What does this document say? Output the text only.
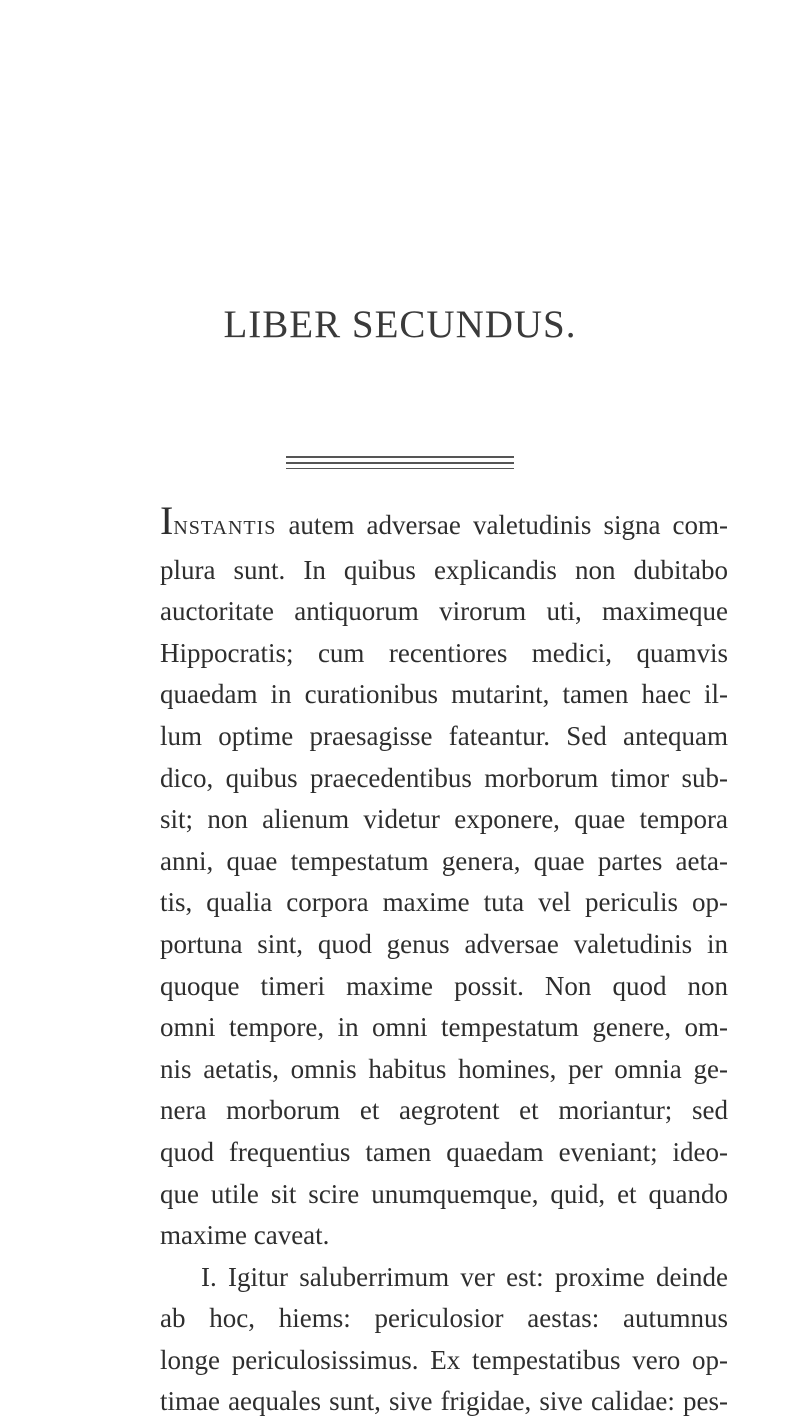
LIBER SECUNDUS.
INSTANTIS autem adversae valetudinis signa com-
plura sunt. In quibus explicandis non dubitabo
auctoritate antiquorum virorum uti, maximeque
Hippocratis; cum recentiores medici, quamvis
quaedam in curationibus mutarint, tamen haec il-
lum optime praesagisse fateantur. Sed antequam
dico, quibus praecedentibus morborum timor sub-
sit; non alienum videtur exponere, quae tempora
anni, quae tempestatum genera, quae partes aeta-
tis, qualia corpora maxime tuta vel periculis op-
portuna sint, quod genus adversae valetudinis in
quoque timeri maxime possit. Non quod non
omni tempore, in omni tempestatum genere, om-
nis aetatis, omnis habitus homines, per omnia ge-
nera morborum et aegrotent et moriantur; sed
quod frequentius tamen quaedam eveniant; ideo-
que utile sit scire unumquemque, quid, et quando
maxime caveat.
I. Igitur saluberrimum ver est: proxime deinde
ab hoc, hiems: periculosior aestas: autumnus
longe periculosissimus. Ex tempestatibus vero op-
timae aequales sunt, sive frigidae, sive calidae: pes-
